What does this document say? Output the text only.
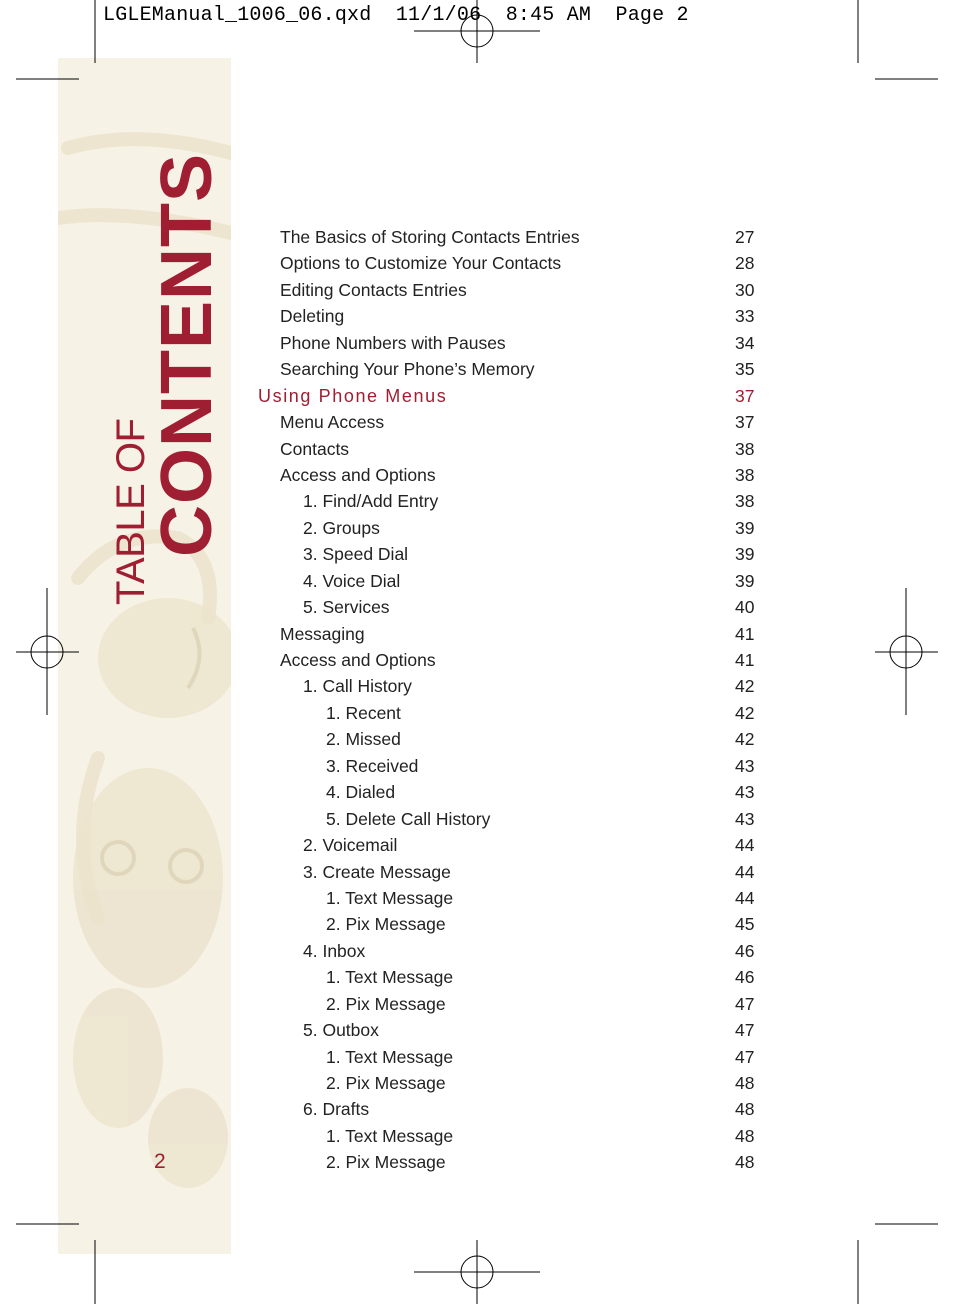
LGLEManual_1006_06.qxd 11/1/06 8:45 AM Page 2
TABLE OF
CONTENTS
2
The Basics of Storing Contacts Entries	27
Options to Customize Your Contacts	28
Editing Contacts Entries	30
Deleting	33
Phone Numbers with Pauses	34
Searching Your Phone’s Memory	35
Using Phone Menus	37
Menu Access	37
Contacts	38
Access and Options	38
1. Find/Add Entry	38
2. Groups	39
3. Speed Dial	39
4. Voice Dial	39
5. Services	40
Messaging	41
Access and Options	41
1. Call History	42
1. Recent	42
2. Missed	42
3. Received	43
4. Dialed	43
5. Delete Call History	43
2. Voicemail	44
3. Create Message	44
1. Text Message	44
2. Pix Message	45
4. Inbox	46
1. Text Message	46
2. Pix Message	47
5. Outbox	47
1. Text Message	47
2. Pix Message	48
6. Drafts	48
1. Text Message	48
2. Pix Message	48
